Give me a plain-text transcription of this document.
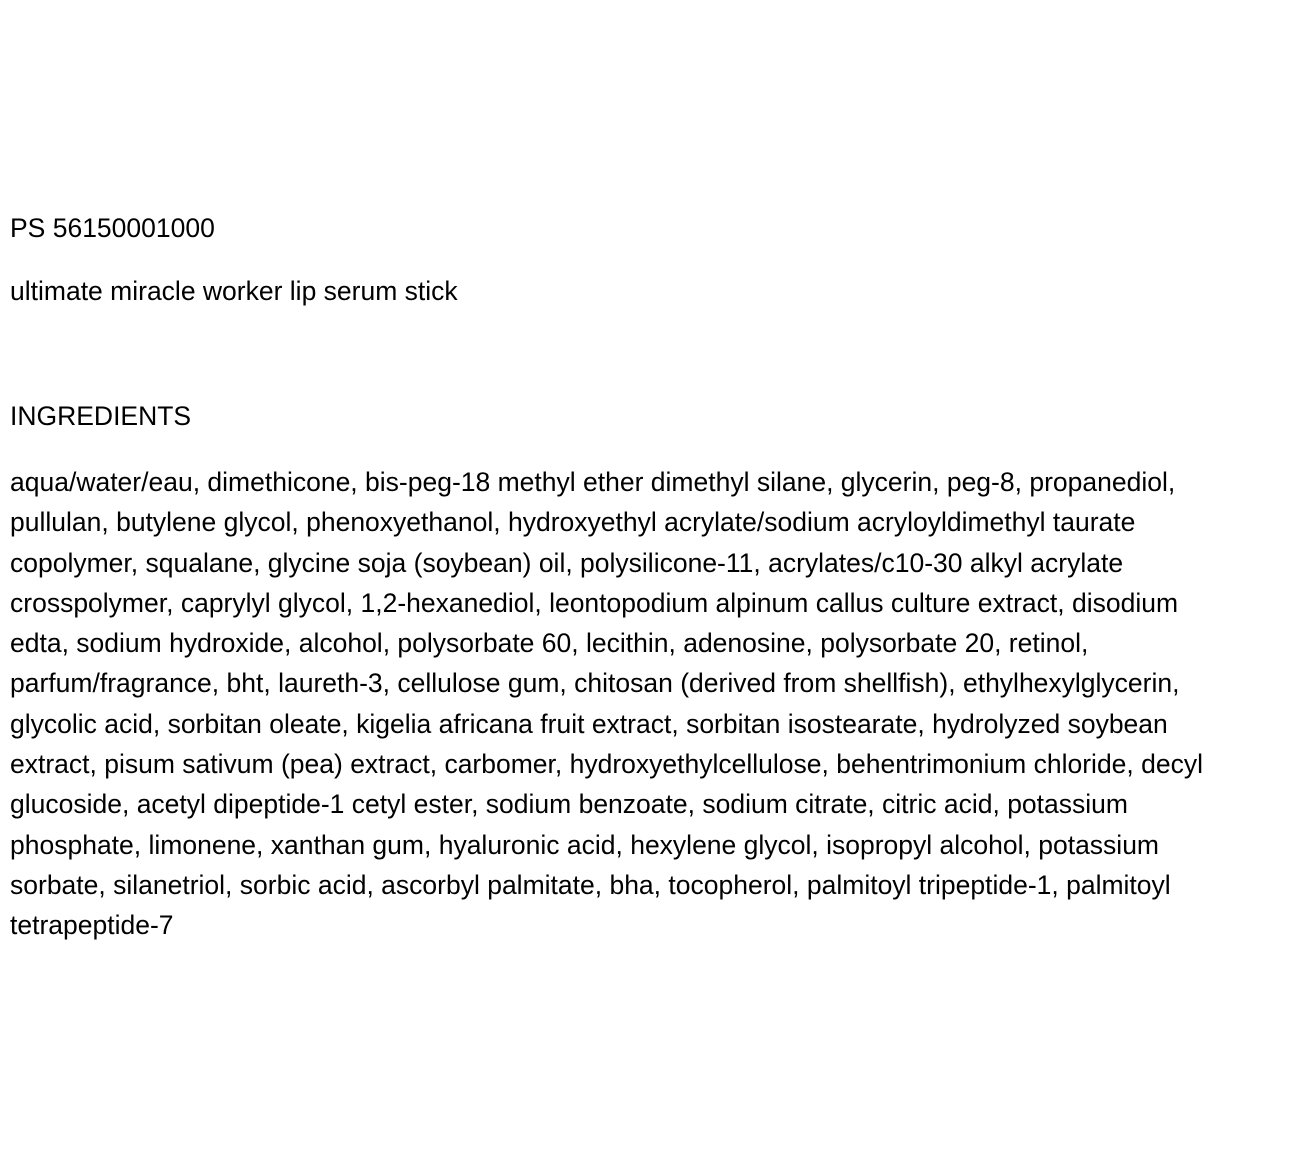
PS 56150001000
ultimate miracle worker lip serum stick
INGREDIENTS
aqua/water/eau, dimethicone, bis-peg-18 methyl ether dimethyl silane, glycerin, peg-8, propanediol,
pullulan, butylene glycol, phenoxyethanol, hydroxyethyl acrylate/sodium acryloyldimethyl taurate
copolymer, squalane, glycine soja (soybean) oil, polysilicone-11, acrylates/c10-30 alkyl acrylate
crosspolymer, caprylyl glycol, 1,2-hexanediol, leontopodium alpinum callus culture extract, disodium
edta, sodium hydroxide, alcohol, polysorbate 60, lecithin, adenosine, polysorbate 20, retinol,
parfum/fragrance, bht, laureth-3, cellulose gum, chitosan (derived from shellfish), ethylhexylglycerin,
glycolic acid, sorbitan oleate, kigelia africana fruit extract, sorbitan isostearate, hydrolyzed soybean
extract, pisum sativum (pea) extract, carbomer, hydroxyethylcellulose, behentrimonium chloride, decyl
glucoside, acetyl dipeptide-1 cetyl ester, sodium benzoate, sodium citrate, citric acid, potassium
phosphate, limonene, xanthan gum, hyaluronic acid, hexylene glycol, isopropyl alcohol, potassium
sorbate, silanetriol, sorbic acid, ascorbyl palmitate, bha, tocopherol, palmitoyl tripeptide-1, palmitoyl
tetrapeptide-7
